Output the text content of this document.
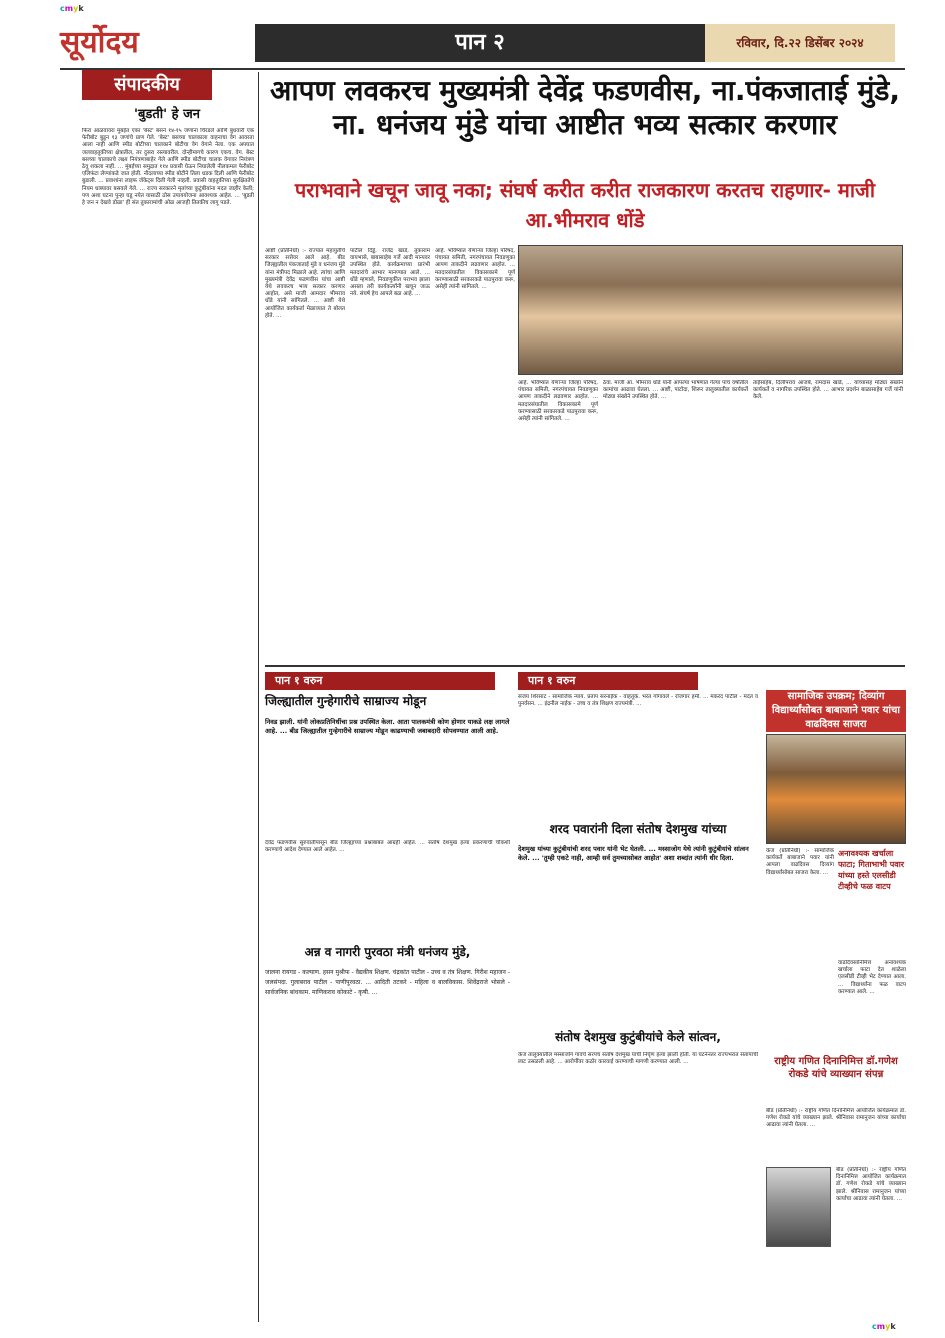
cmyk
सूर्योदय	पान २	रविवार, दि.२२ डिसेंबर २०२४
संपादकीय
'बुडती' हे जन
फिरा आळवावरा मुंबईत एका 'बेस्ट' बसने १४-१५ जणांना चिरडले आणि बुधवारी एक फेरीबोट बुडून १३ जणांचे प्राण गेले. 'बेस्ट' बसच्या चालकाला वाहनाचा वेग आवरता आला नाही आणि स्पीड बोटीच्या चालकाने बोटीचा वेग वेगाने नेला. एक अपघात जलवाहतुकीच्या क्षेत्रातील, तर दुसरा रस्त्यावरील. दोन्हीमागचे कारण एकच. वेग. बेस्ट बसच्या चालकाचे लक्ष्य नियंत्रणाबाहेर गेले आणि स्पीड बोटीचा चालक वेगावर नियंत्रण ठेवू शकला नाही. ... मुंबईच्या समुद्रात ११४ प्रवासी घेऊन निघालेली नीलकमल फेरीबोट एलिफंटा लेण्यांकडे जात होती. नौदलाच्या स्पीड बोटीने तिला धडक दिली आणि फेरीबोट बुडाली. ... प्रवाशांना लाइफ जॅकेट्स दिली गेली नव्हती. प्रवासी वाहतुकीच्या सुरक्षिततेचे नियम धाब्यावर बसवले गेले. ... राज्य सरकारने मृतांच्या कुटुंबीयांना मदत जाहीर केली; पण अशा घटना पुन्हा घडू नयेत यासाठी ठोस उपाययोजना आवश्यक आहेत. ... 'बुडती हे जन न देखवे डोळा' ही संत तुकारामांची ओळ आजही तितकीच लागू पडते.
आपण लवकरच मुख्यमंत्री देवेंद्र फडणवीस, ना.पंकजाताई मुंडे, ना. धनंजय मुंडे यांचा आष्टीत भव्य सत्कार करणार
पराभवाने खचून जावू नका; संघर्ष करीत करीत राजकारण करतच राहणार- माजी आ.भीमराव धोंडे
आष्टी (प्रतिनिधी) :- राज्यात महायुतीचे सरकार सत्तेवर आले आहे. बीड जिल्ह्यातील पंकजाताई मुंडे व धनंजय मुंडे यांना मंत्रीपद मिळाले आहे. त्यांचा आणि मुख्यमंत्री देवेंद्र फडणवीस यांचा आष्टी येथे लवकरच भव्य सत्कार करणार आहोत, असे माजी आमदार भीमराव धोंडे यांनी सांगितले. ... आष्टी येथे आयोजित कार्यकर्ता मेळाव्यात ते बोलत होते. ...
पाटील दिड्डे, राजेंद्र खाडे, तुकाराम वायभासे, बाबासाहेब गर्जे आदी मान्यवर उपस्थित होते. कार्यक्रमाच्या प्रारंभी मतदारांचे आभार मानण्यात आले. ... धोंडे म्हणाले, निवडणुकीत पराभव झाला असला तरी कार्यकर्त्यांनी खचून जाऊ नये. संघर्ष हेच आपले बळ आहे. ...
आहे. भविष्यात येणाऱ्या जिल्हा परिषद, पंचायत समिती, नगरपंचायत निवडणुका आपण ताकदीने लढवणार आहोत. ... मतदारसंघातील विकासकामे पूर्ण करण्यासाठी सरकारकडे पाठपुरावा करू, असेही त्यांनी सांगितले. ...
आहे. भविष्यात येणाऱ्या जिल्हा परिषद, पंचायत समिती, नगरपंचायत निवडणुका आपण ताकदीने लढवणार आहोत. ... मतदारसंघातील विकासकामे पूर्ण करण्यासाठी सरकारकडे पाठपुरावा करू, असेही त्यांनी सांगितले. ...
ठेवा. माजी आ. भीमराव धोंडे यांनी आपल्या भाषणात गेल्या पाच वर्षांतील कामांचा आढावा घेतला. ... आष्टी, पाटोदा, शिरूर तालुक्यातील कार्यकर्ते मोठ्या संख्येने उपस्थित होते. ...
ताईसाहेब, दिलीपराव आजबे, रामदास खाडे, ... यांच्यासह मोठ्या संख्येने कार्यकर्ते व नागरिक उपस्थित होते. ... आभार प्रदर्शन बाळासाहेब गर्जे यांनी केले.
पान १ वरुन
जिल्ह्यातील गुन्हेगारीचे साम्राज्य मोडून
निवड झाली. यांनी लोकप्रतिनिधींचा प्रश्न उपस्थित केला. आता पालकमंत्री कोण होणार याकडे लक्ष लागले आहे. ... बीड जिल्ह्यातील गुन्हेगारीचे साम्राज्य मोडून काढण्याची जबाबदारी सोपवण्यात आली आहे.
देवेंद्र फडणवीस सुरुवातीपासून बीड जिल्ह्याच्या प्रश्नांबाबत आग्रही आहेत. ... संतोष देशमुख हत्या प्रकरणाची चौकशी करण्याचे आदेश देण्यात आले आहेत. ...
अन्न व नागरी पुरवठा मंत्री धनंजय मुंडे,
जालना रायगड - कल्याण. हसन मुश्रीफ - वैद्यकीय शिक्षण. चंद्रकांत पाटील - उच्च व तंत्र शिक्षण. गिरीश महाजन - जलसंपदा. गुलाबराव पाटील - पाणीपुरवठा. ... आदिती तटकरे - महिला व बालविकास. शिवेंद्रराजे भोसले - सार्वजनिक बांधकाम. माणिकराव कोकाटे - कृषी. ...
पान १ वरुन
संजय शिरसाट - सामाजिक न्याय. प्रताप सरनाईक - वाहतूक. भरत गोगावले - रोजगार हमी. ... मकरंद पाटील - मदत व पुनर्वसन. ... इंद्रनील नाईक - उच्च व तंत्र शिक्षण राज्यमंत्री. ...
शरद पवारांनी दिला संतोष देशमुख यांच्या
देशमुख यांच्या कुटुंबीयांची शरद पवार यांनी भेट घेतली. ... मस्साजोग येथे त्यांनी कुटुंबीयांचे सांत्वन केले. ... 'तुम्ही एकटे नाही, आम्ही सर्व तुमच्यासोबत आहोत' अशा शब्दांत त्यांनी धीर दिला.
संतोष देशमुख कुटुंबीयांचे केले सांत्वन,
केज तालुक्यातील मस्साजोग गावचे सरपंच संतोष देशमुख यांची निर्घृण हत्या झाली होती. या घटनेनंतर राज्यभरात संतापाची लाट उसळली आहे. ... आरोपींवर कठोर कारवाई करण्याची मागणी करण्यात आली. ...
सामाजिक उपक्रम; दिव्यांग विद्यार्थ्यांसोबत बाबाजाने पवार यांचा वाढदिवस साजरा
केज (प्रतिनिधी) :- सामाजिक कार्यकर्ते बाबाजाने पवार यांनी आपला वाढदिवस दिव्यांग विद्यार्थ्यांसोबत साजरा केला. ...
अनावश्यक खर्चाला फाटा; गिताभाभी पवार यांच्या हस्ते एलसीडी टीव्हीचे फळ वाटप
वाढदिवसानिमित्त अनावश्यक खर्चाला फाटा देत शाळेला एलसीडी टीव्ही भेट देण्यात आला. ... विद्यार्थ्यांना फळ वाटप करण्यात आले. ...
राष्ट्रीय गणित दिनानिमित्त डॉ.गणेश रोकडे यांचे व्याख्यान संपन्न
बीड (प्रतिनिधी) :- राष्ट्रीय गणित दिनानिमित्त आयोजित कार्यक्रमात डॉ. गणेश रोकडे यांचे व्याख्यान झाले. श्रीनिवास रामानुजन यांच्या कार्याचा आढावा त्यांनी घेतला. ...
बीड (प्रतिनिधी) :- राष्ट्रीय गणित दिनानिमित्त आयोजित कार्यक्रमात डॉ. गणेश रोकडे यांचे व्याख्यान झाले. श्रीनिवास रामानुजन यांच्या कार्याचा आढावा त्यांनी घेतला. ...
cmyk
